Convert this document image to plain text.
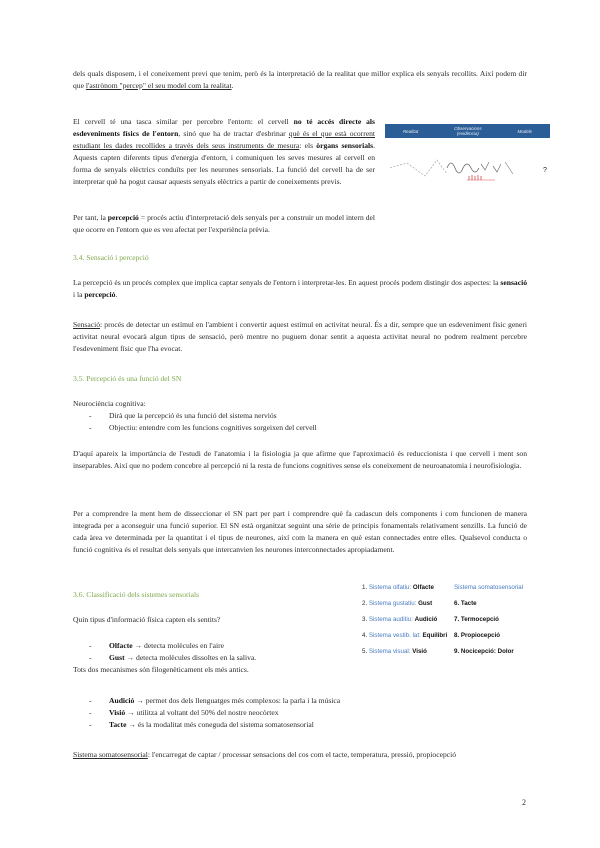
dels quals disposem, i el coneixement previ que tenim, però és la interpretació de la realitat que millor explica els senyals recollits. Així podem dir que l'astrònom "percep" el seu model com la realitat.

El cervell té una tasca similar per percebre l'entorn: el cervell no té accés directe als esdeveniments físics de l'entorn, sinó que ha de tractar d'esbrinar què és el que està ocorrent estudiant les dades recollides a través dels seus instruments de mesura: els òrgans sensorials. Aquests capten diferents tipus d'energia d'entorn, i comuniquen les seves mesures al cervell en forma de senyals elèctrics conduïts per les neurones sensorials. La funció del cervell ha de ser interpretar què ha pogut causar aquests senyals elèctrics a partir de coneixements previs.

Per tant, la percepció = procés actiu d'interpretació dels senyals per a construir un model intern del que ocorre en l'entorn que es veu afectat per l'experiència prèvia.

Realitat	Observacions
(evidència)	Models
?

3.4. Sensació i percepció

La percepció és un procés complex que implica captar senyals de l'entorn i interpretar-les. En aquest procés podem distingir dos aspectes: la sensació i la percepció.

Sensació: procés de detectar un estímul en l'ambient i convertir aquest estímul en activitat neural. És a dir, sempre que un esdeveniment físic generi activitat neural evocarà algun tipus de sensació, però mentre no puguem donar sentit a aquesta activitat neural no podrem realment percebre l'esdeveniment físic que l'ha evocat.

3.5. Percepció és una funció del SN

Neurociència cognitiva:

- Dirà que la percepció és una funció del sistema nerviós
- Objectiu: entendre com les funcions cognitives sorgeixen del cervell

D'aquí apareix la importància de l'estudi de l'anatomia i la fisiologia ja que afirme que l'aproximació és reduccionista i que cervell i ment son inseparables. Així que no podem concebre al percepció ni la resta de funcions cognitives sense els coneixement de neuroanatomia i neurofisiologia.

Per a comprendre la ment hem de disseccionar el SN part per part i comprendre què fa cadascun dels components i com funcionen de manera integrada per a aconseguir una funció superior. El SN està organitzat seguint una sèrie de principis fonamentals relativament senzills. La funció de cada àrea ve determinada per la quantitat i el tipus de neurones, així com la manera en què estan connectades entre elles. Qualsevol conducta o funció cognitiva és el resultat dels senyals que intercanvien les neurones interconnectades apropiadament.

3.6. Classificació dels sistemes sensorials

Quin tipus d'informació física capten els sentits?

- Olfacte → detecta molècules en l'aire
- Gust → detecta molècules dissoltes en la saliva.

Tots dos mecanismes són filogenèticament els més antics.

- Audició → permet dos dels llenguatges més complexos: la parla i la música
- Visió → utilitza al voltant del 50% del nostre neocòrtex
- Tacte → és la modalitat més coneguda del sistema somatosensorial

Sistema somatosensorial: l'encarregat de captar / processar sensacions del cos com el tacte, temperatura, pressió, propiocepció

1. Sistema olfatiu: Olfacte	Sistema somatosensorial
2. Sistema gustatiu: Gust	6. Tacte
3. Sistema auditiu: Audició	7. Termocepció
4. Sistema vestib. lat: Equilibri	8. Propiocepció
5. Sistema visual: Visió	9. Nocicepció: Dolor
2
